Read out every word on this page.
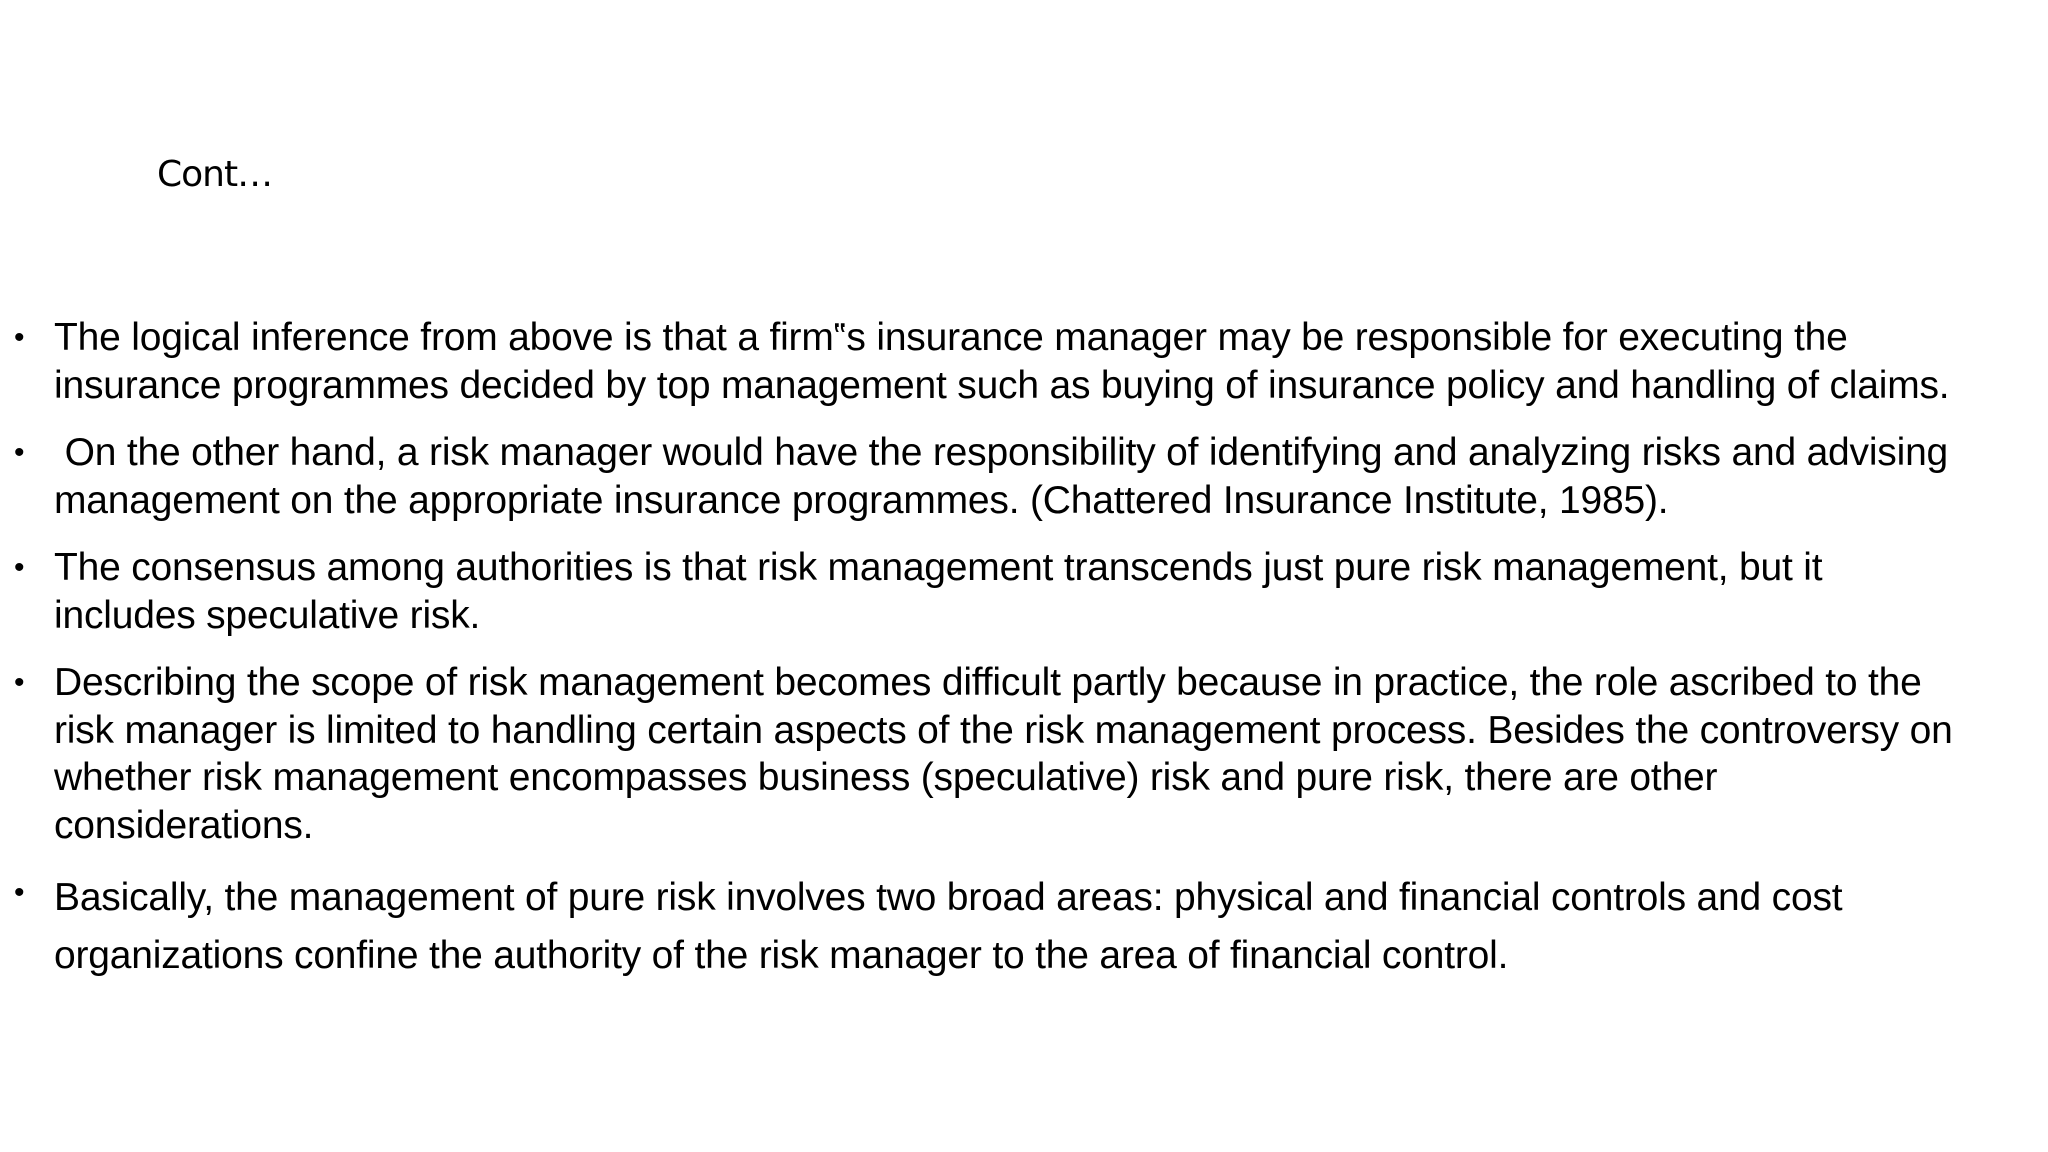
Cont…
• The logical inference from above is that a firm‟s insurance manager may be responsible for executing the insurance programmes decided by top management such as buying of insurance policy and handling of claims.
• On the other hand, a risk manager would have the responsibility of identifying and analyzing risks and advising management on the appropriate insurance programmes. (Chattered Insurance Institute, 1985).
• The consensus among authorities is that risk management transcends just pure risk management, but it includes speculative risk.
• Describing the scope of risk management becomes difficult partly because in practice, the role ascribed to the risk manager is limited to handling certain aspects of the risk management process. Besides the controversy on whether risk management encompasses business (speculative) risk and pure risk, there are other considerations.
• Basically, the management of pure risk involves two broad areas: physical and financial controls and cost organizations confine the authority of the risk manager to the area of financial control.
